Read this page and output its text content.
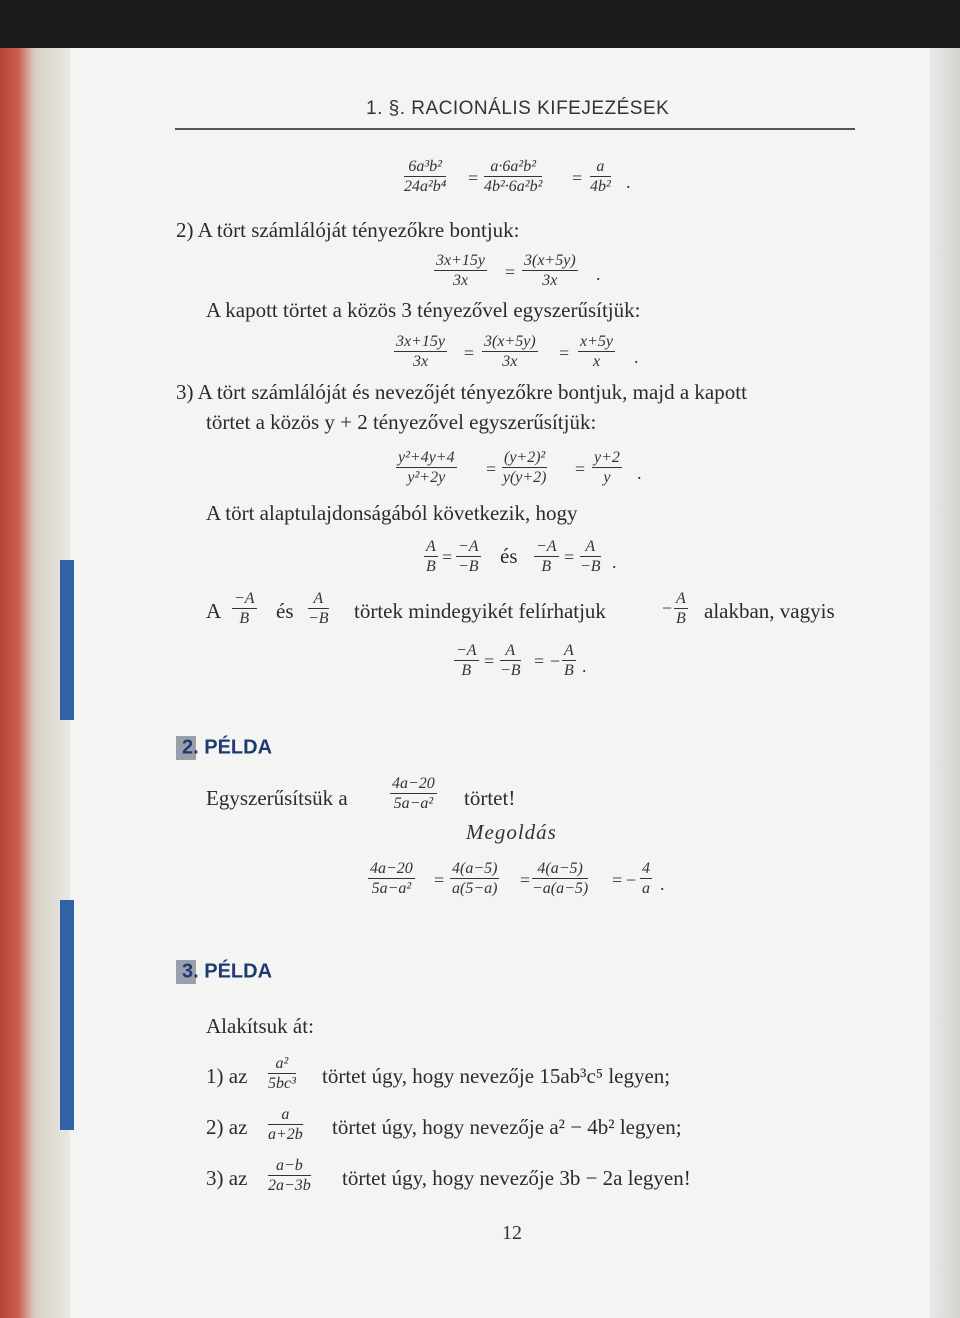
1. §. RACIONÁLIS KIFEJEZÉSEK
$\frac{\text{6a³b²}}{\text{24a²b⁴}} = \frac{\text{a·6a²b²}}{\text{4b²·6a²b²}} = \frac{a}{\text{4b²}}$ .
2) A tört számlálóját tényezőkre bontjuk:
$\frac{3x+15y}{3x} = \frac{3(x+5y)}{3x}$ .
A kapott törtet a közös 3 tényezővel egyszerűsítjük:
$\frac{3x+15y}{3x} = \frac{3(x+5y)}{3x} = \frac{x+5y}{x}$ .
3) A tört számlálóját és nevezőjét tényezőkre bontjuk, majd a kapott
törtet a közös y + 2 tényezővel egyszerűsítjük:
$\frac{\text{y²+4y+4}}{\text{y²+2y}} = \frac{\text{(y+2)²}}{y(y+2)} = \frac{y+2}{y}$ .
A tört alaptulajdonságából következik, hogy
$\frac{A}{B} = \frac{-A}{-B}$ és $\frac{-A}{B} = \frac{A}{-B}$ .
A $\frac{-A}{B}$ és $\frac{A}{-B}$ törtek mindegyikét felírhatjuk	− $\frac{A}{B}$ alakban, vagyis
$\frac{-A}{B} = \frac{A}{-B}$ = − $\frac{A}{B}$ .
2. PÉLDA
Egyszerűsítsük a	$\frac{4a-20}{\text{5a−a²}}$ törtet!
Megoldás
$\frac{4a-20}{\text{5a−a²}} = \frac{4(a-5)}{a(5-a)} = \frac{4(a-5)}{-a(a-5)}$ = − $\frac{4}{a}$ .
3. PÉLDA
Alakítsuk át:
1) az $\frac{\text{a²}}{\text{5bc³}}$ törtet úgy, hogy nevezője 15ab³c⁵ legyen;
2) az $\frac{a}{a+2b}$ törtet úgy, hogy nevezője a² − 4b² legyen;
3) az $\frac{a-b}{2a-3b}$ törtet úgy, hogy nevezője 3b − 2a legyen!
12
